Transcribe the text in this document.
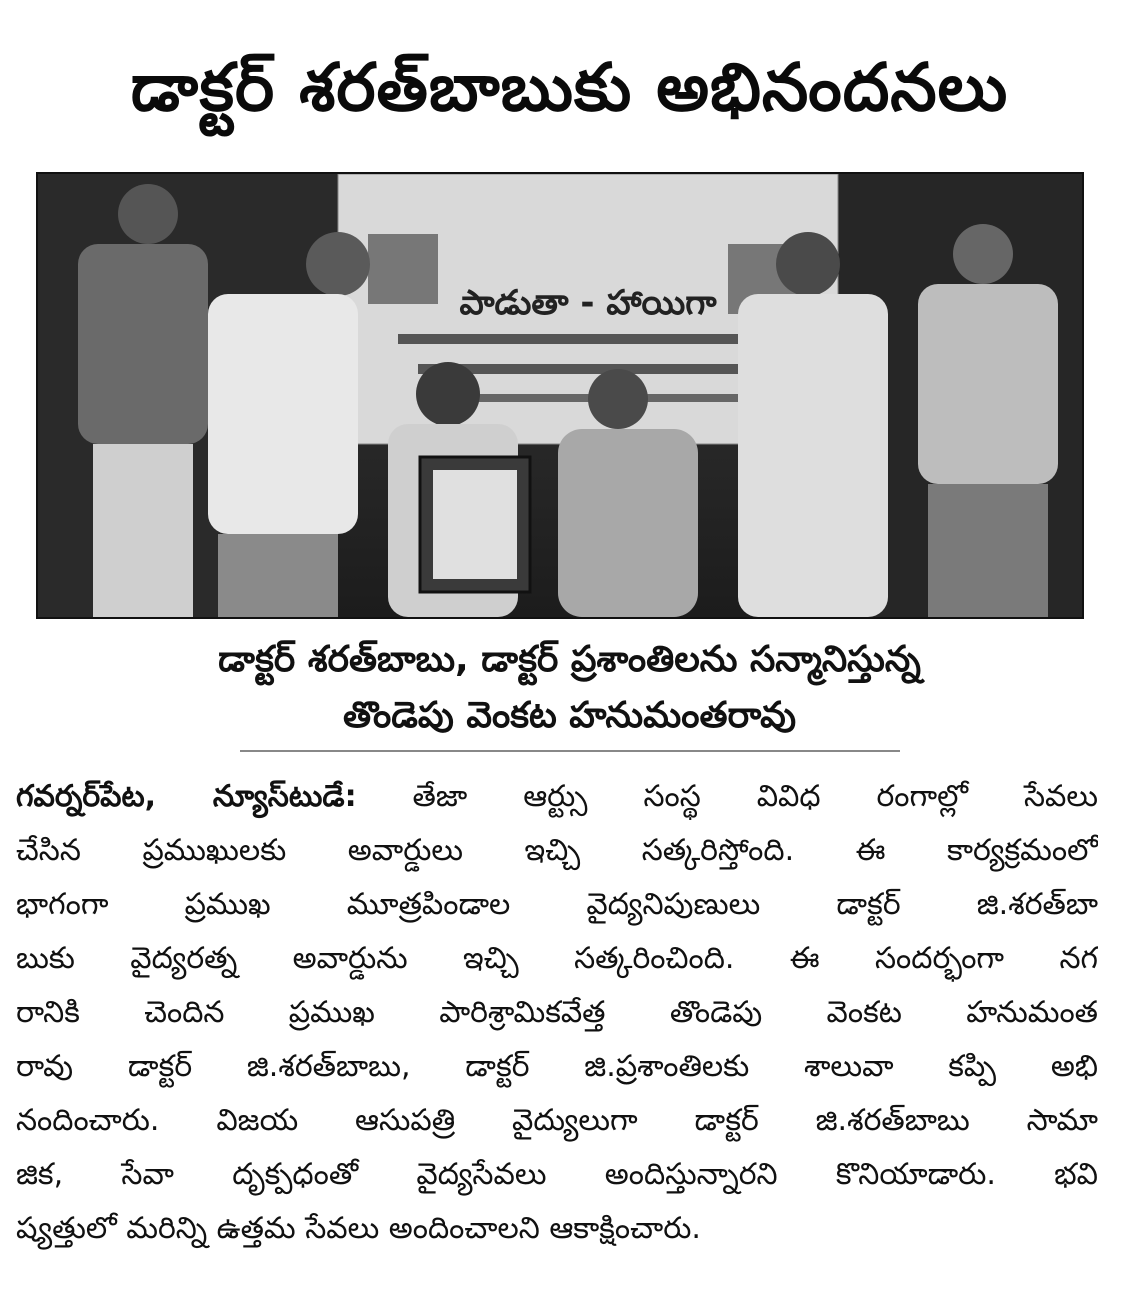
డాక్టర్ శరత్‌బాబుకు అభినందనలు
పాడుతా - హాయిగా
డాక్టర్ శరత్‌బాబు, డాక్టర్ ప్రశాంతిలను సన్మానిస్తున్న
తొండెపు వెంకట హనుమంతరావు
గవర్నర్‌పేట, న్యూస్‌టుడే: తేజా ఆర్ట్సు సంస్థ వివిధ రంగాల్లో సేవలు
చేసిన ప్రముఖులకు అవార్డులు ఇచ్చి సత్కరిస్తోంది. ఈ కార్యక్రమంలో
భాగంగా ప్రముఖ మూత్రపిండాల వైద్యనిపుణులు డాక్టర్ జి.శరత్‌బా
బుకు వైద్యరత్న అవార్డును ఇచ్చి సత్కరించింది. ఈ సందర్భంగా నగ
రానికి చెందిన ప్రముఖ పారిశ్రామికవేత్త తొండెపు వెంకట హనుమంత
రావు డాక్టర్ జి.శరత్‌బాబు, డాక్టర్ జి.ప్రశాంతిలకు శాలువా కప్పి అభి
నందించారు. విజయ ఆసుపత్రి వైద్యులుగా డాక్టర్ జి.శరత్‌బాబు సామా
జిక, సేవా దృక్పధంతో వైద్యసేవలు అందిస్తున్నారని కొనియాడారు. భవి
ష్యత్తులో మరిన్ని ఉత్తమ సేవలు అందించాలని ఆకాక్షించారు.
